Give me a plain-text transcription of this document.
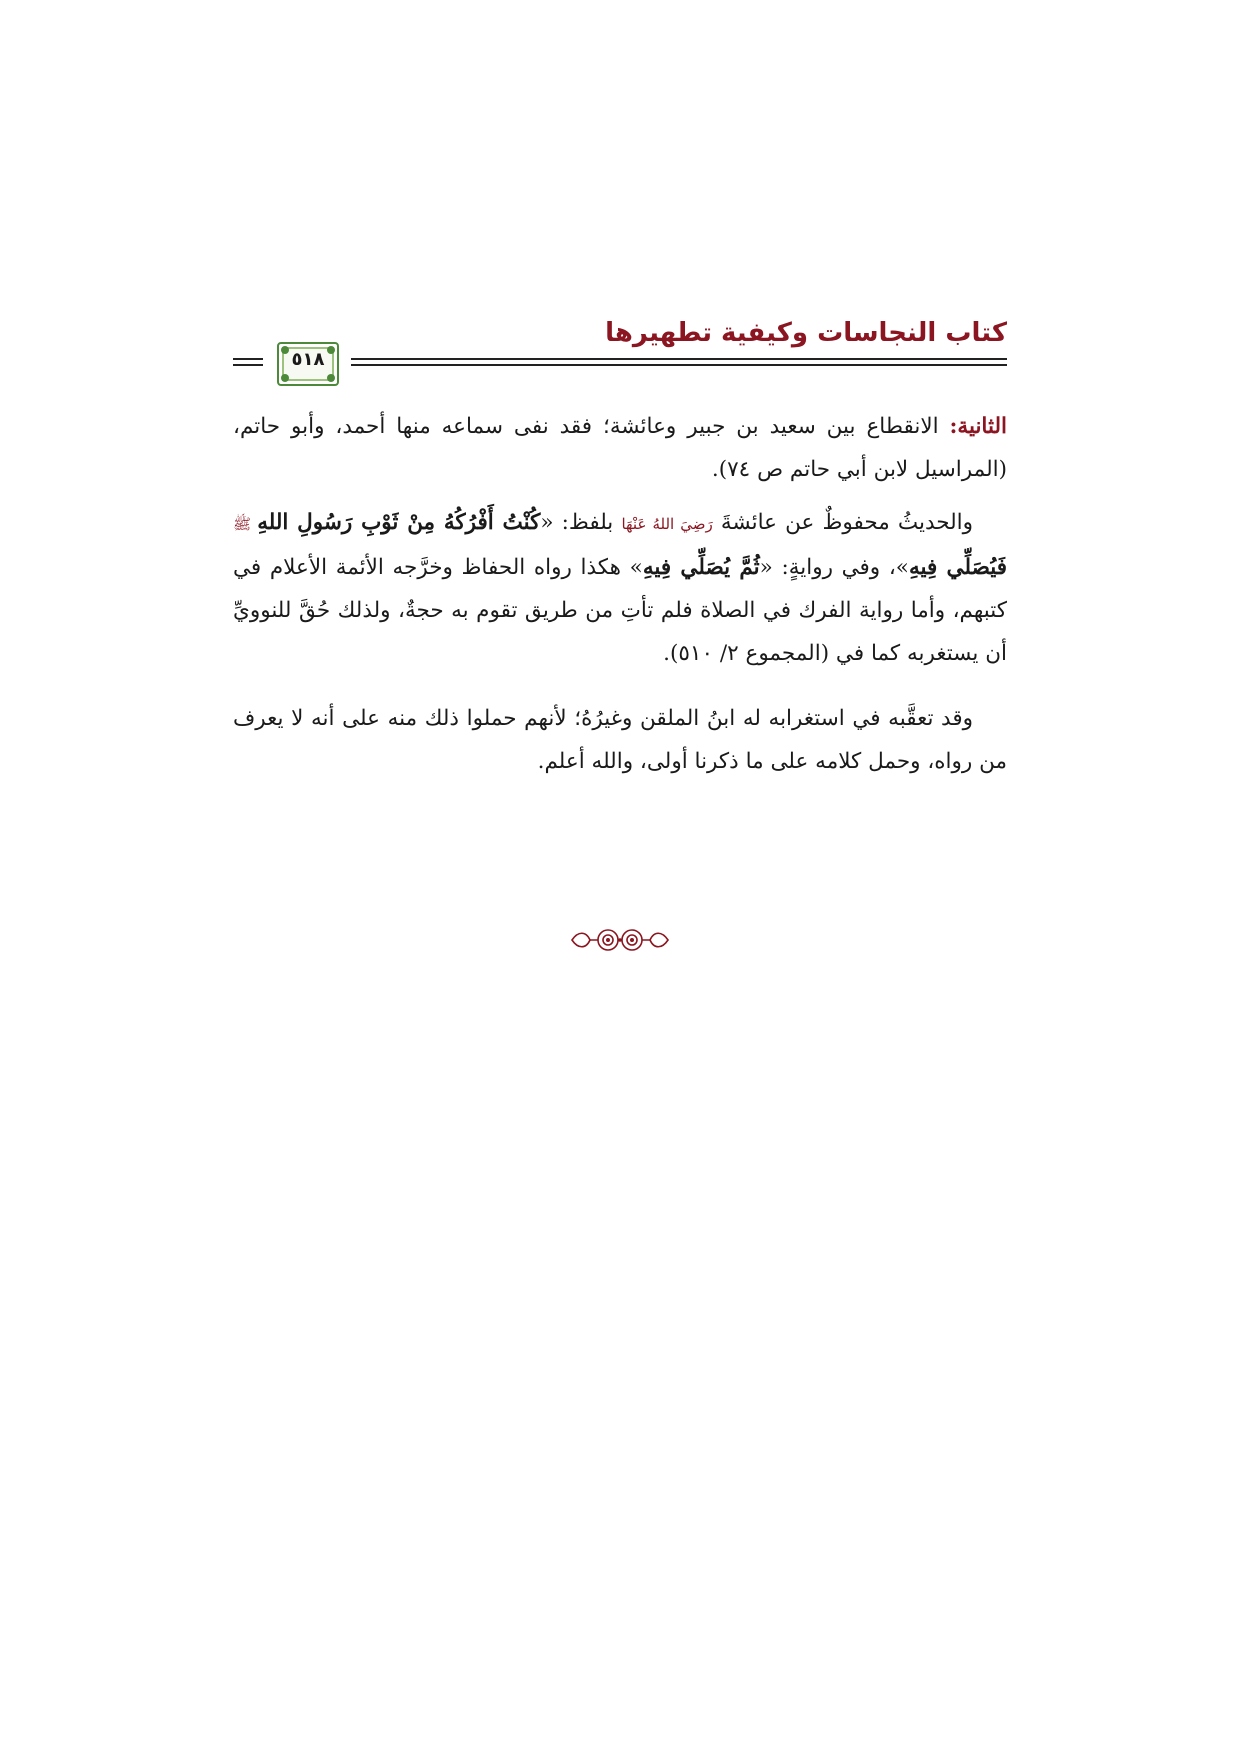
كتاب النجاسات وكيفية تطهيرها
٥١٨

الثانية: الانقطاع بين سعيد بن جبير وعائشة؛ فقد نفى سماعه منها أحمد، وأبو حاتم، (المراسيل لابن أبي حاتم ص ٧٤).

والحديثُ محفوظٌ عن عائشةَ رَضِيَ اللهُ عَنْهَا بلفظ: «كُنْتُ أَفْرُكُهُ مِنْ ثَوْبِ رَسُولِ اللهِ ﷺ فَيُصَلِّي فِيهِ»، وفي روايةٍ: «ثُمَّ يُصَلِّي فِيهِ» هكذا رواه الحفاظ وخرَّجه الأئمة الأعلام في كتبهم، وأما رواية الفرك في الصلاة فلم تأتِ من طريق تقوم به حجةٌ، ولذلك حُقَّ للنوويِّ أن يستغربه كما في (المجموع ٢/ ٥١٠).

وقد تعقَّبه في استغرابه له ابنُ الملقن وغيرُهُ؛ لأنهم حملوا ذلك منه على أنه لا يعرف من رواه، وحمل كلامه على ما ذكرنا أولى، والله أعلم.
